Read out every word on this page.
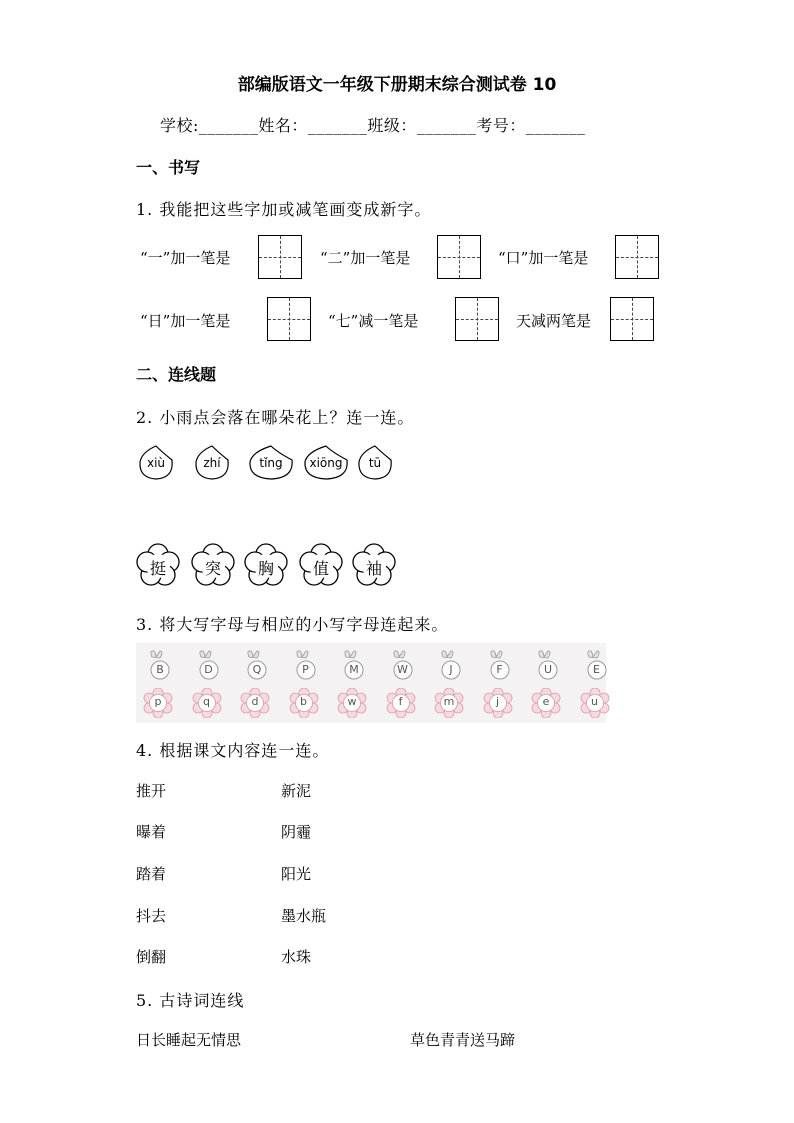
部编版语文一年级下册期末综合测试卷 10
学校:_______姓名：_______班级：_______考号：_______
一、书写
1. 我能把这些字加或减笔画变成新字。
“一”加一笔是	“二”加一笔是	“口”加一笔是
“日”加一笔是	“七”减一笔是	天减两笔是
二、连线题
2. 小雨点会落在哪朵花上？连一连。
xiù	zhí	tǐng	xiōng	tū
挺	突	胸	值	袖
3. 将大写字母与相应的小写字母连起来。
B	D	Q	P	M	W	J	F	U	E
p	q	d	b	w	f	m	j	e	u
4. 根据课文内容连一连。
推开	新泥
曝着	阴霾
踏着	阳光
抖去	墨水瓶
倒翻	水珠
5. 古诗词连线
日长睡起无情思	草色青青送马蹄
